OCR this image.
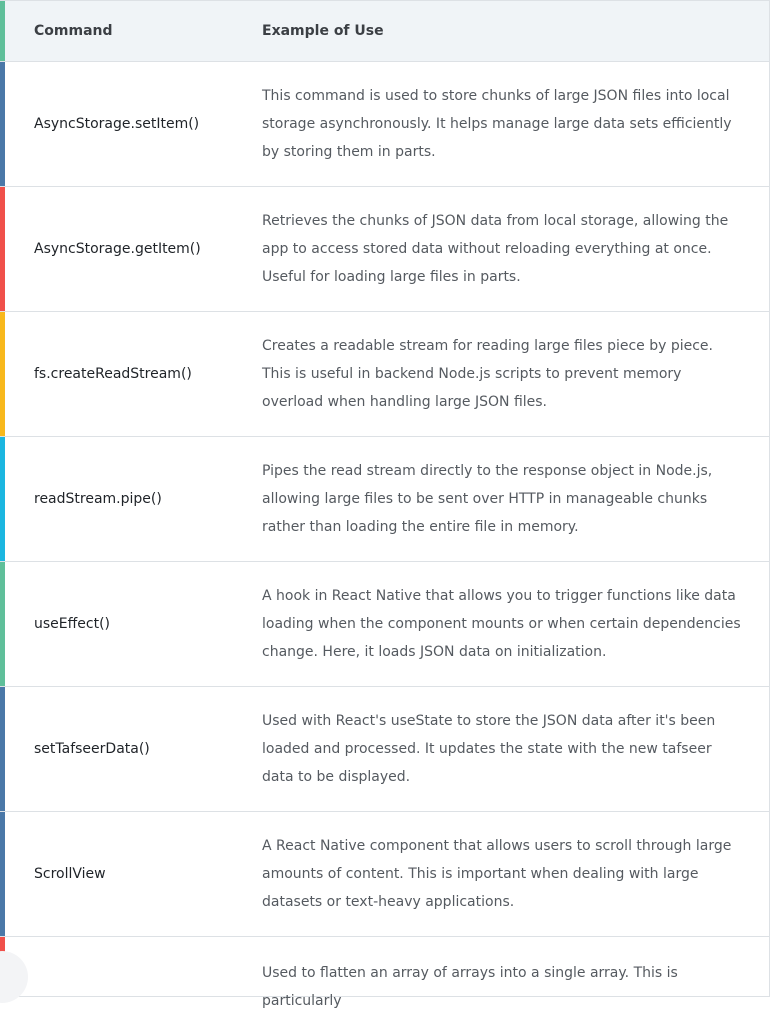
Command	Example of Use
AsyncStorage.setItem()
This command is used to store chunks of large JSON files into local storage asynchronously. It helps manage large data sets efficiently by storing them in parts.
AsyncStorage.getItem()
Retrieves the chunks of JSON data from local storage, allowing the app to access stored data without reloading everything at once. Useful for loading large files in parts.
fs.createReadStream()
Creates a readable stream for reading large files piece by piece. This is useful in backend Node.js scripts to prevent memory overload when handling large JSON files.
readStream.pipe()
Pipes the read stream directly to the response object in Node.js, allowing large files to be sent over HTTP in manageable chunks rather than loading the entire file in memory.
useEffect()
A hook in React Native that allows you to trigger functions like data loading when the component mounts or when certain dependencies change. Here, it loads JSON data on initialization.
setTafseerData()
Used with React's useState to store the JSON data after it's been loaded and processed. It updates the state with the new tafseer data to be displayed.
ScrollView
A React Native component that allows users to scroll through large amounts of content. This is important when dealing with large datasets or text-heavy applications.
Used to flatten an array of arrays into a single array. This is particularly
